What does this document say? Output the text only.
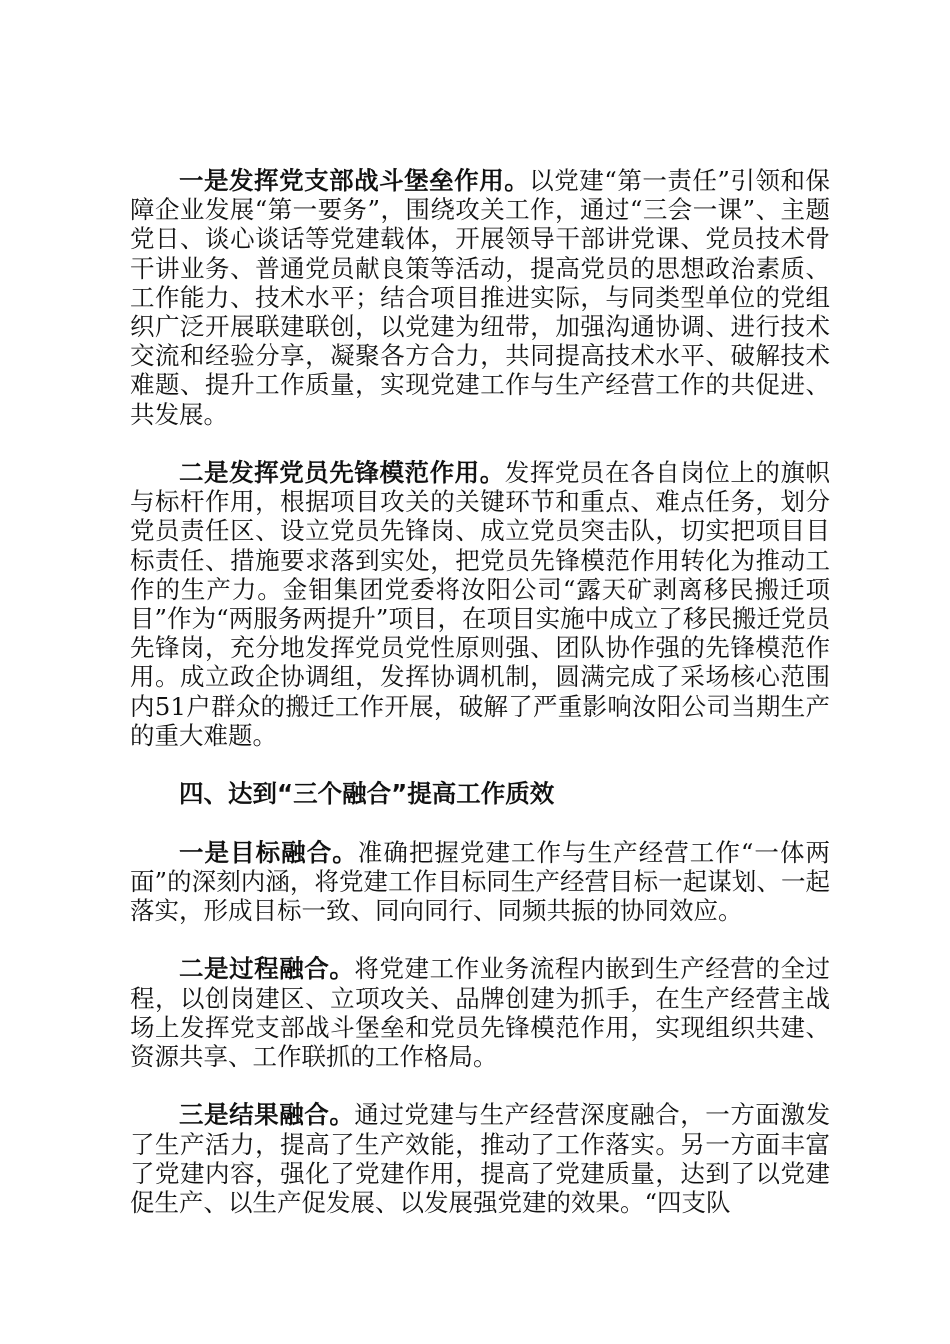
一是发挥党支部战斗堡垒作用。以党建“第一责任”引领和保障企业发展“第一要务”，围绕攻关工作，通过“三会一课”、主题党日、谈心谈话等党建载体，开展领导干部讲党课、党员技术骨干讲业务、普通党员献良策等活动，提高党员的思想政治素质、工作能力、技术水平；结合项目推进实际，与同类型单位的党组织广泛开展联建联创，以党建为纽带，加强沟通协调、进行技术交流和经验分享，凝聚各方合力，共同提高技术水平、破解技术难题、提升工作质量，实现党建工作与生产经营工作的共促进、共发展。

二是发挥党员先锋模范作用。发挥党员在各自岗位上的旗帜与标杆作用，根据项目攻关的关键环节和重点、难点任务，划分党员责任区、设立党员先锋岗、成立党员突击队，切实把项目目标责任、措施要求落到实处，把党员先锋模范作用转化为推动工作的生产力。金钼集团党委将汝阳公司“露天矿剥离移民搬迁项目”作为“两服务两提升”项目，在项目实施中成立了移民搬迁党员先锋岗，充分地发挥党员党性原则强、团队协作强的先锋模范作用。成立政企协调组，发挥协调机制，圆满完成了采场核心范围内51户群众的搬迁工作开展，破解了严重影响汝阳公司当期生产的重大难题。

四、达到“三个融合”提高工作质效

一是目标融合。准确把握党建工作与生产经营工作“一体两面”的深刻内涵，将党建工作目标同生产经营目标一起谋划、一起落实，形成目标一致、同向同行、同频共振的协同效应。

二是过程融合。将党建工作业务流程内嵌到生产经营的全过程，以创岗建区、立项攻关、品牌创建为抓手，在生产经营主战场上发挥党支部战斗堡垒和党员先锋模范作用，实现组织共建、资源共享、工作联抓的工作格局。

三是结果融合。通过党建与生产经营深度融合，一方面激发了生产活力，提高了生产效能，推动了工作落实。另一方面丰富了党建内容，强化了党建作用，提高了党建质量，达到了以党建促生产、以生产促发展、以发展强党建的效果。“四支队
